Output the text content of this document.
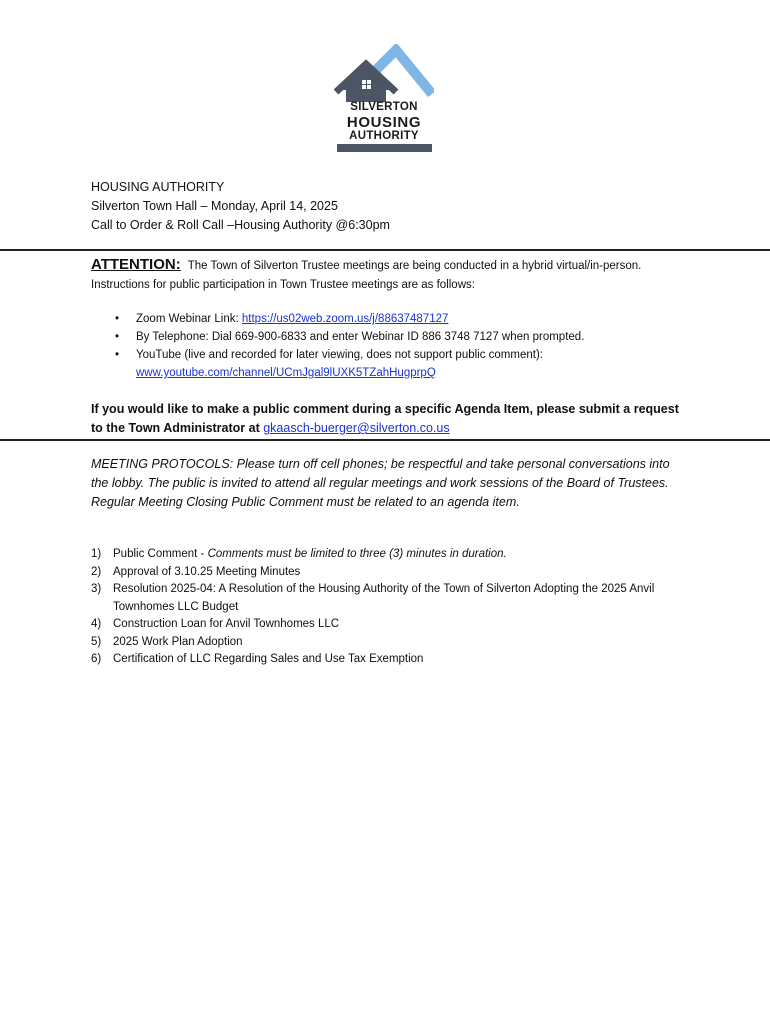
SILVERTON
HOUSING
AUTHORITY
HOUSING AUTHORITY
Silverton Town Hall – Monday, April 14, 2025
Call to Order & Roll Call –Housing Authority @6:30pm
ATTENTION: The Town of Silverton Trustee meetings are being conducted in a hybrid virtual/in-person. Instructions for public participation in Town Trustee meetings are as follows:
• Zoom Webinar Link: https://us02web.zoom.us/j/88637487127
• By Telephone: Dial 669-900-6833 and enter Webinar ID 886 3748 7127 when prompted.
• YouTube (live and recorded for later viewing, does not support public comment):
www.youtube.com/channel/UCmJgal9lUXK5TZahHugprpQ
If you would like to make a public comment during a specific Agenda Item, please submit a request to the Town Administrator at gkaasch-buerger@silverton.co.us
MEETING PROTOCOLS: Please turn off cell phones; be respectful and take personal conversations into the lobby. The public is invited to attend all regular meetings and work sessions of the Board of Trustees. Regular Meeting Closing Public Comment must be related to an agenda item.
1) Public Comment - Comments must be limited to three (3) minutes in duration.
2) Approval of 3.10.25 Meeting Minutes
3) Resolution 2025-04: A Resolution of the Housing Authority of the Town of Silverton Adopting the 2025 Anvil Townhomes LLC Budget
4) Construction Loan for Anvil Townhomes LLC
5) 2025 Work Plan Adoption
6) Certification of LLC Regarding Sales and Use Tax Exemption
